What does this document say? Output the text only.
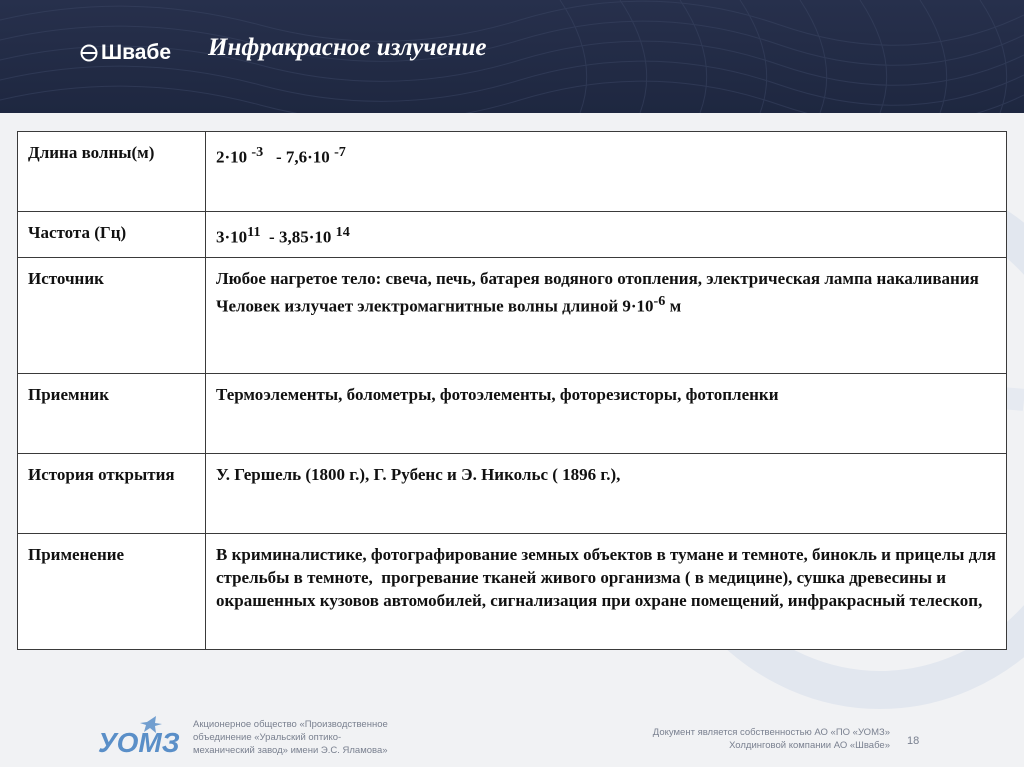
Швабе Инфракрасное излучение
Длина волны(м)	2·10 $^{-3}$   - 7,6·10 $^{-7}$
Частота (Гц)	$3\cdot 10^{11} - 3,85\cdot 10$ $^{14}$
Источник	Любое нагретое тело: свеча, печь, батарея водяного отопления, электрическая лампа накаливания
Человек излучает электромагнитные волны длиной $9\cdot 10^{-6}$ м
Приемник	Термоэлементы, болометры, фотоэлементы, фоторезисторы, фотопленки
История открытия	У. Гершель (1800 г.), Г. Рубенс и Э. Никольс ( 1896 г.),
Применение	В криминалистике, фотографирование земных объектов в тумане и темноте, бинокль и прицелы для стрельбы в темноте,  прогревание тканей живого организма ( в медицине), сушка древесины и окрашенных кузовов автомобилей, сигнализация при охране помещений, инфракрасный телескоп,
УОМЗ
Акционерное общество «Производственное
объединение «Уральский оптико-
механический завод» имени Э.С. Яламова»
Документ является собственностью АО «ПО «УОМЗ»
Холдинговой компании АО «Швабе» 18
